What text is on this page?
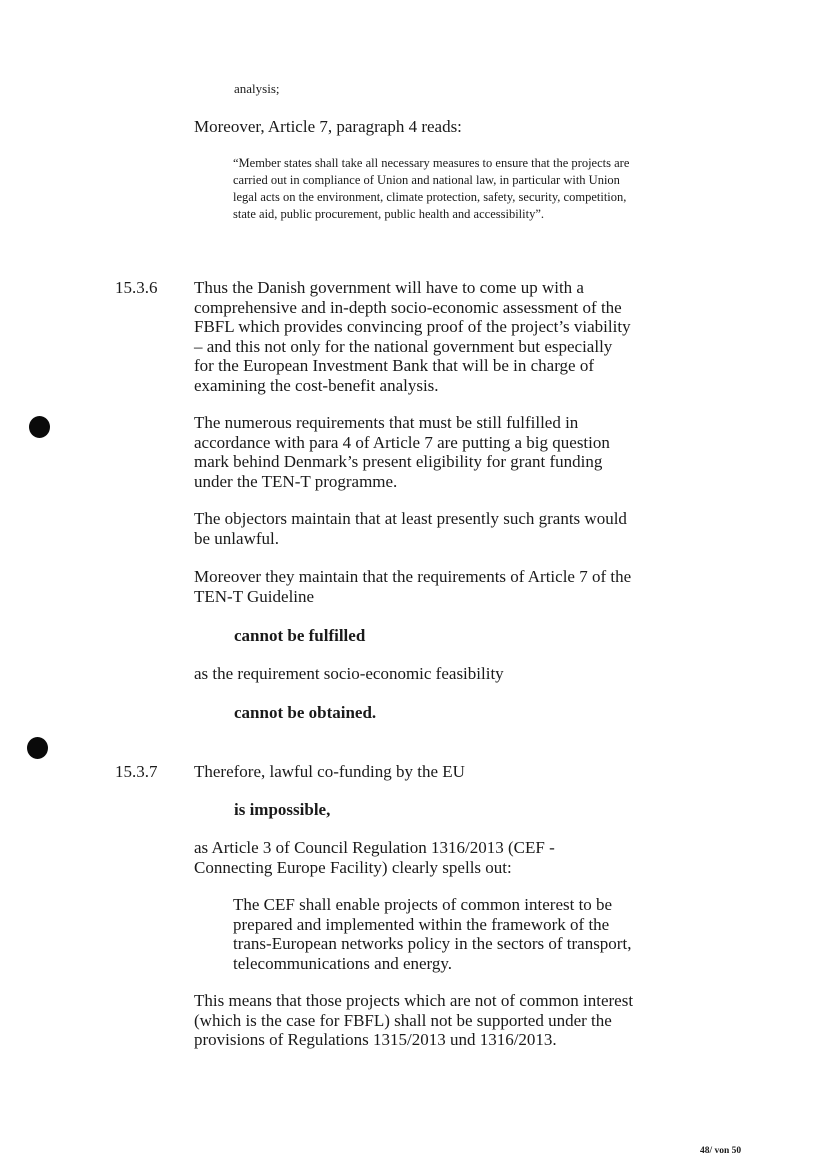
analysis;

Moreover, Article 7, paragraph 4 reads:

“Member states shall take all necessary measures to ensure that the projects are carried out in compliance of Union and national law, in particular with Union legal acts on the environment, climate protection, safety, security, competition, state aid, public procurement, public health and accessibility”.

15.3.6 Thus the Danish government will have to come up with a comprehensive and in-depth socio-economic assessment of the FBFL which provides convincing proof of the project’s viability – and this not only for the national government but especially for the European Investment Bank that will be in charge of examining the cost-benefit analysis.

The numerous requirements that must be still fulfilled in accordance with para 4 of Article 7 are putting a big question mark behind Denmark’s present eligibility for grant funding under the TEN-T programme.

The objectors maintain that at least presently such grants would be unlawful.

Moreover they maintain that the requirements of Article 7 of the TEN-T Guideline

cannot be fulfilled

as the requirement socio-economic feasibility

cannot be obtained.

15.3.7 Therefore, lawful co-funding by the EU

is impossible,

as Article 3 of Council Regulation 1316/2013 (CEF - Connecting Europe Facility) clearly spells out:

The CEF shall enable projects of common interest to be prepared and implemented within the framework of the trans-European networks policy in the sectors of transport, telecommunications and energy.

This means that those projects which are not of common interest (which is the case for FBFL) shall not be supported under the provisions of Regulations 1315/2013 und 1316/2013.

48/ von 50
